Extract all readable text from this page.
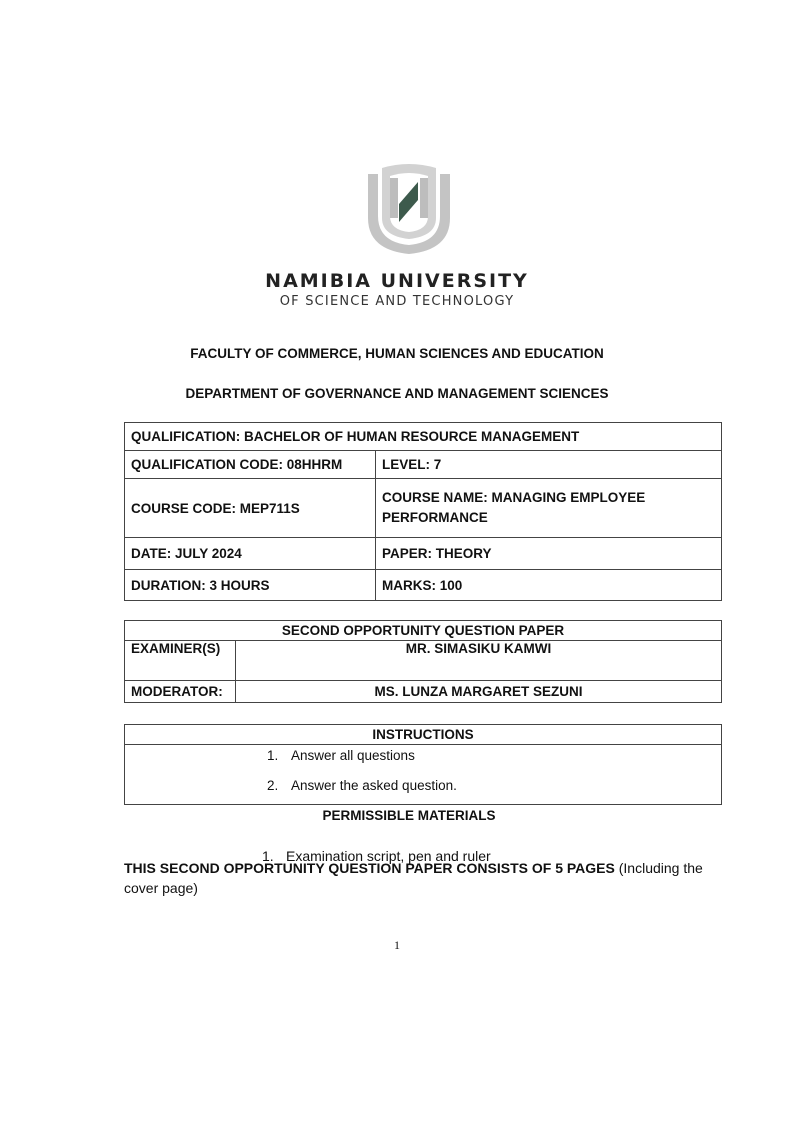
NAMIBIA UNIVERSITY
OF SCIENCE AND TECHNOLOGY
FACULTY OF COMMERCE, HUMAN SCIENCES AND EDUCATION
DEPARTMENT OF GOVERNANCE AND MANAGEMENT SCIENCES
QUALIFICATION: BACHELOR OF HUMAN RESOURCE MANAGEMENT	
QUALIFICATION CODE: 08HHRM	LEVEL: 7
COURSE CODE: MEP711S	COURSE NAME: MANAGING EMPLOYEE PERFORMANCE
DATE: JULY 2024	PAPER: THEORY
DURATION: 3 HOURS	MARKS: 100
SECOND OPPORTUNITY QUESTION PAPER	
EXAMINER(S)	MR. SIMASIKU KAMWI
MODERATOR:	MS. LUNZA MARGARET SEZUNI
INSTRUCTIONS

1. Answer all questions
2. Answer the asked question.
PERMISSIBLE MATERIALS
1. Examination script, pen and ruler
THIS SECOND OPPORTUNITY QUESTION PAPER CONSISTS OF 5 PAGES (Including the cover page)
1
